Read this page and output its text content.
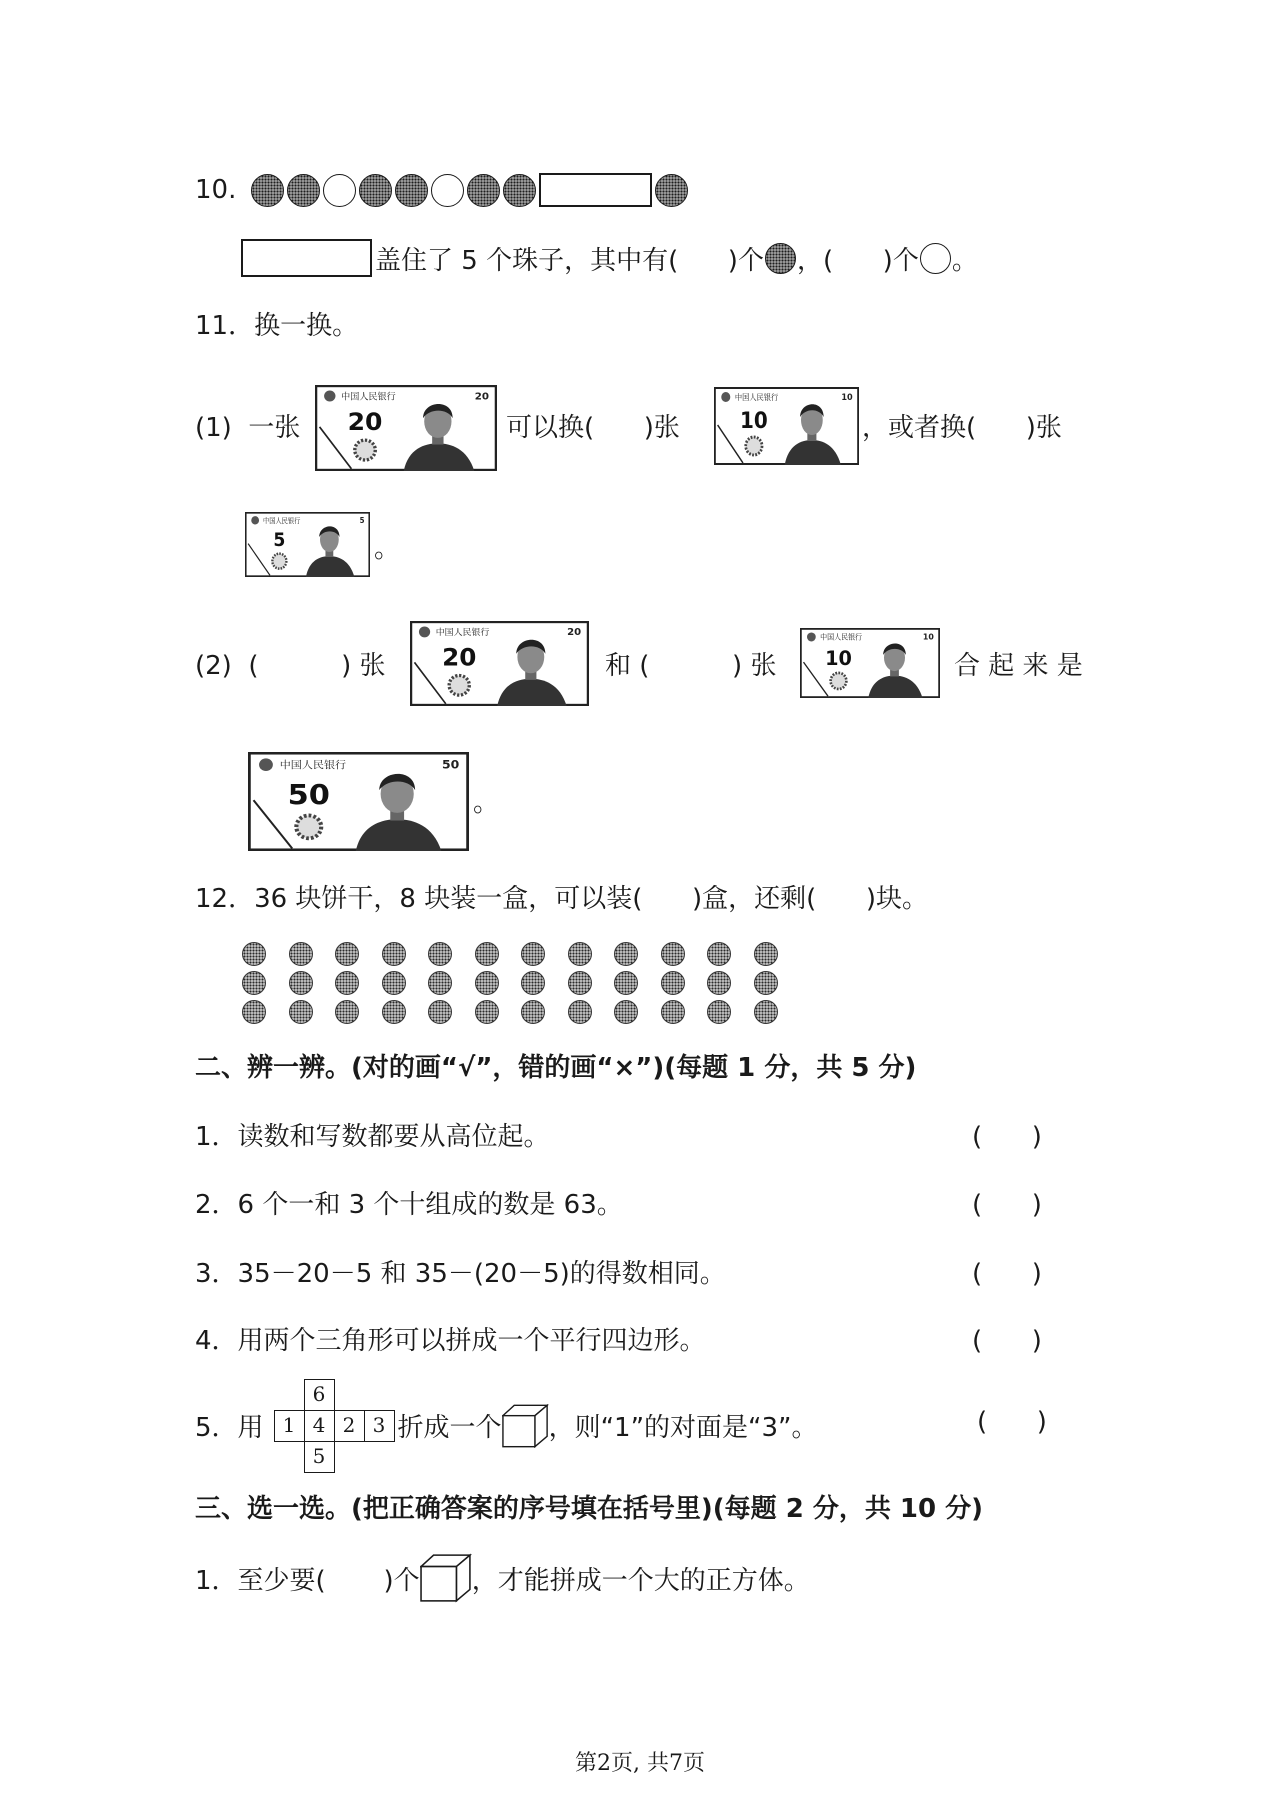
10.
盖住了 5 个珠子，其中有(      )个 ，(      )个 。
11．换一换。
(1)  一张
中国人民银行	20
20	可以换(      )张
中国人民银行	10
10	，或者换(      )张
中国人民银行	5
5	。
(2)  (          ) 张
中国人民银行	20
20	和 (          ) 张
中国人民银行	10
10	合 起 来 是
中国人民银行	50
50	。
12．36 块饼干，8 块装一盒，可以装(      )盒，还剩(      )块。
二、辨一辨。(对的画“√”，错的画“×”)(每题 1 分，共 5 分)
1．读数和写数都要从高位起。	(      )
2．6 个一和 3 个十组成的数是 63。	(      )
3．35－20－5 和 35－(20－5)的得数相同。	(      )
4．用两个三角形可以拼成一个平行四边形。	(      )
5．用

6

1

4

2

3

5

折成一个 ，则“1”的对面是“3”。	(      )
三、选一选。(把正确答案的序号填在括号里)(每题 2 分，共 10 分)
1．至少要(       )个 ，才能拼成一个大的正方体。
第2页, 共7页
